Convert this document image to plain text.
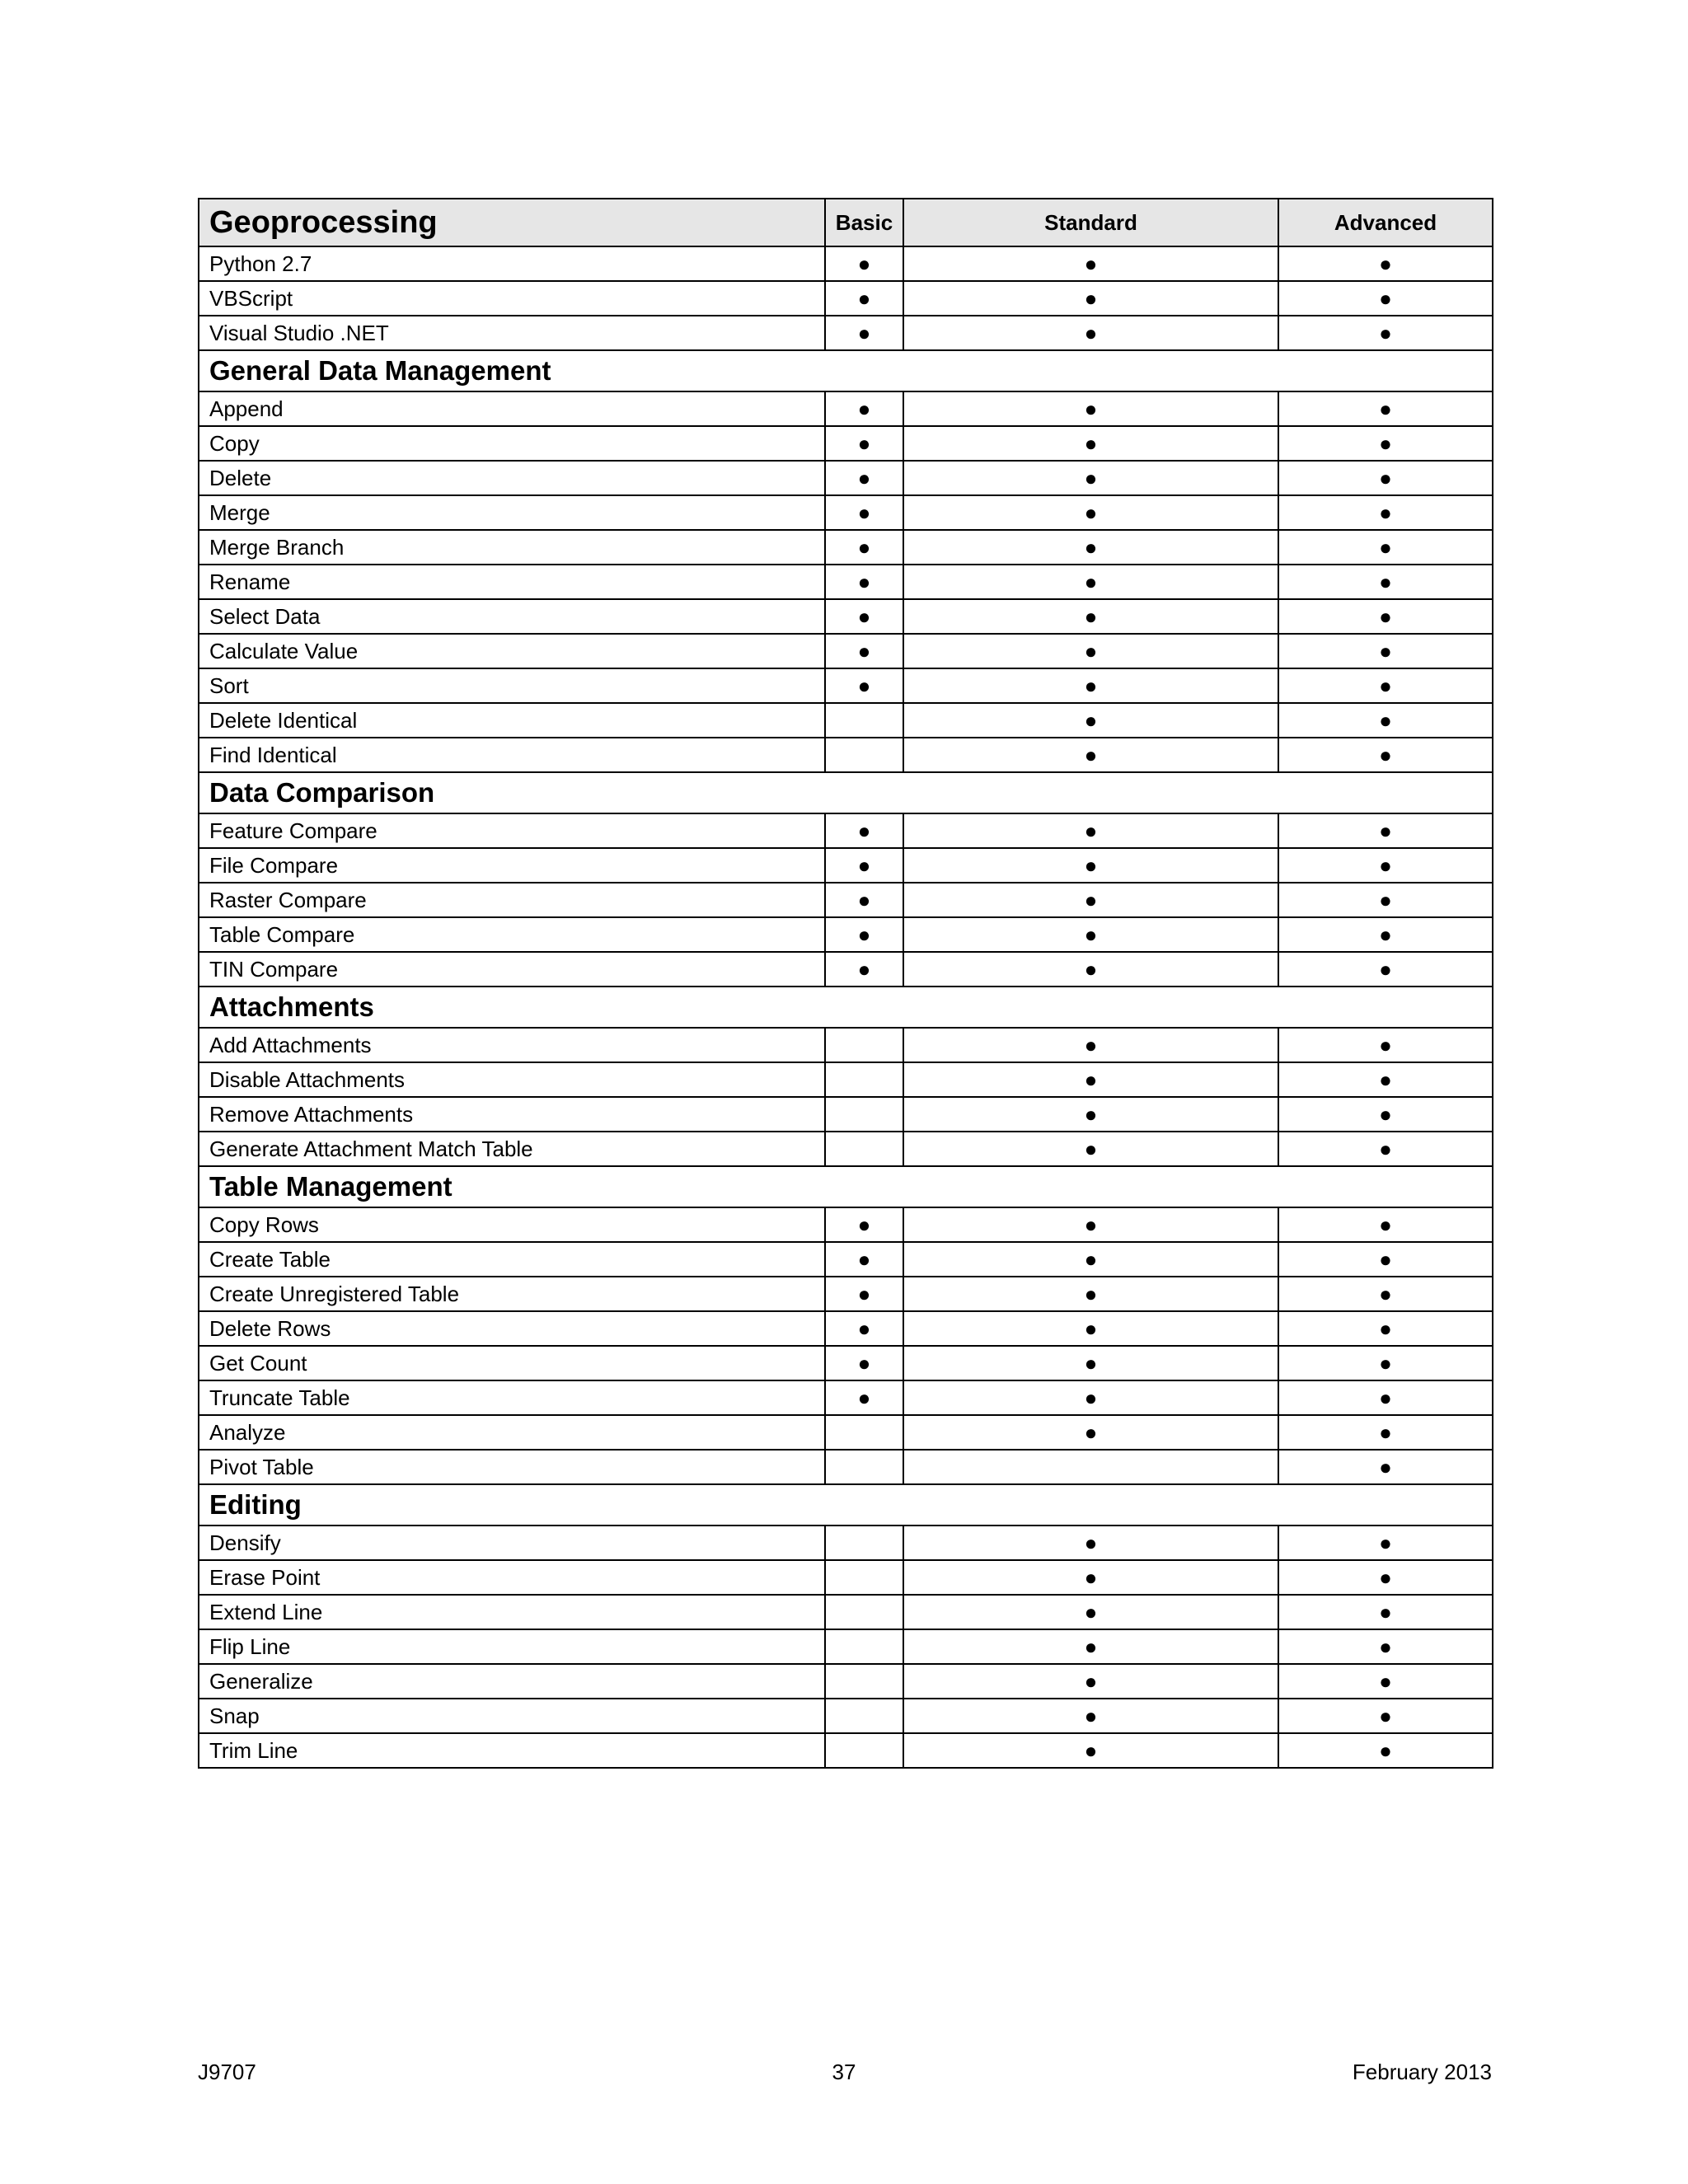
Geoprocessing	Basic	Standard	Advanced
Python 2.7	●	●	●
VBScript	●	●	●
Visual Studio .NET	●	●	●
General Data Management			
Append	●	●	●
Copy	●	●	●
Delete	●	●	●
Merge	●	●	●
Merge Branch	●	●	●
Rename	●	●	●
Select Data	●	●	●
Calculate Value	●	●	●
Sort	●	●	●
Delete Identical		●	●
Find Identical		●	●
Data Comparison			
Feature Compare	●	●	●
File Compare	●	●	●
Raster Compare	●	●	●
Table Compare	●	●	●
TIN Compare	●	●	●
Attachments			
Add Attachments		●	●
Disable Attachments		●	●
Remove Attachments		●	●
Generate Attachment Match Table		●	●
Table Management			
Copy Rows	●	●	●
Create Table	●	●	●
Create Unregistered Table	●	●	●
Delete Rows	●	●	●
Get Count	●	●	●
Truncate Table	●	●	●
Analyze		●	●
Pivot Table			●
Editing			
Densify		●	●
Erase Point		●	●
Extend Line		●	●
Flip Line		●	●
Generalize		●	●
Snap		●	●
Trim Line		●	●
J9707	37	February 2013
